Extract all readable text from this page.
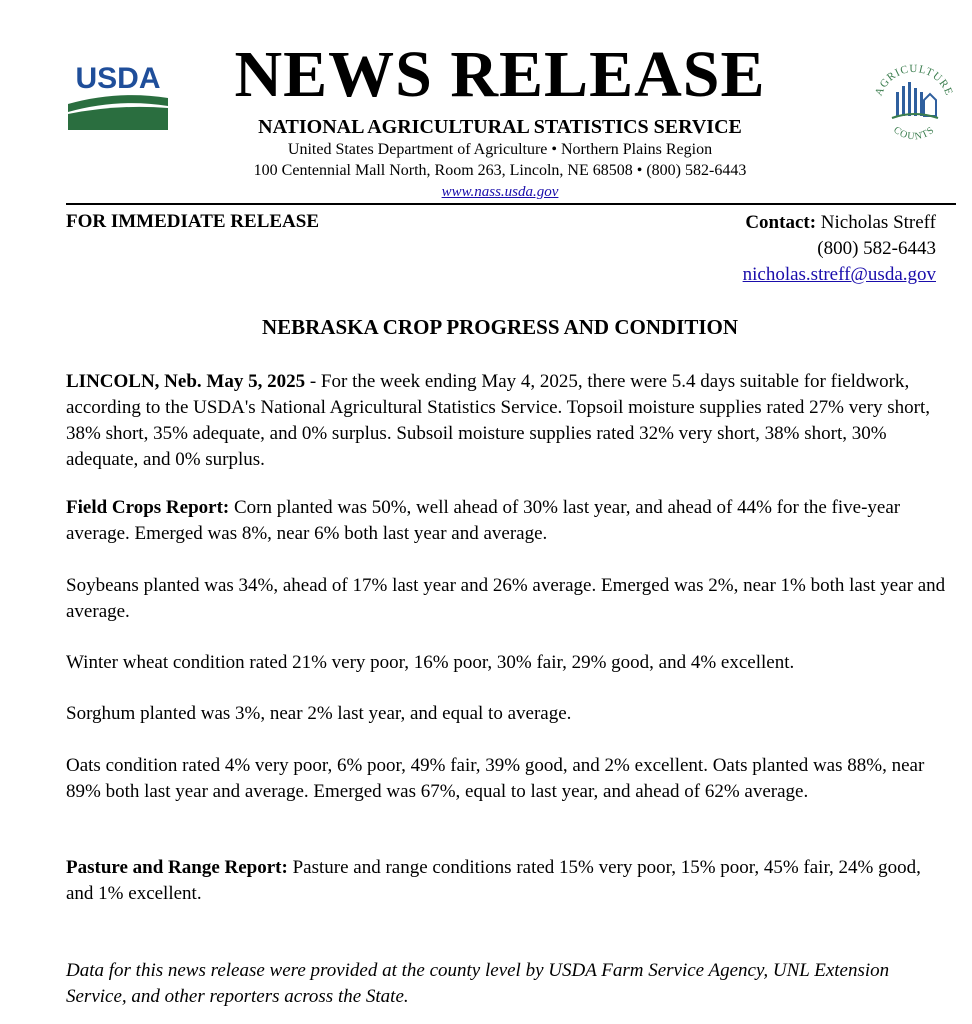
USDA	NEWS RELEASE
NATIONAL AGRICULTURAL STATISTICS SERVICE
United States Department of Agriculture • Northern Plains Region
100 Centennial Mall North, Room 263, Lincoln, NE 68508 • (800) 582-6443
www.nass.usda.gov
AGRICULTURE
COUNTS
FOR IMMEDIATE RELEASE	Contact: Nicholas Streff
(800) 582-6443
nicholas.streff@usda.gov
NEBRASKA CROP PROGRESS AND CONDITION
LINCOLN, Neb. May 5, 2025 - For the week ending May 4, 2025, there were 5.4 days suitable for fieldwork, according to the USDA's National Agricultural Statistics Service. Topsoil moisture supplies rated 27% very short, 38% short, 35% adequate, and 0% surplus. Subsoil moisture supplies rated 32% very short, 38% short, 30% adequate, and 0% surplus.
Field Crops Report: Corn planted was 50%, well ahead of 30% last year, and ahead of 44% for the five-year average. Emerged was 8%, near 6% both last year and average.
Soybeans planted was 34%, ahead of 17% last year and 26% average. Emerged was 2%, near 1% both last year and average.
Winter wheat condition rated 21% very poor, 16% poor, 30% fair, 29% good, and 4% excellent.
Sorghum planted was 3%, near 2% last year, and equal to average.
Oats condition rated 4% very poor, 6% poor, 49% fair, 39% good, and 2% excellent. Oats planted was 88%, near 89% both last year and average. Emerged was 67%, equal to last year, and ahead of 62% average.
Pasture and Range Report: Pasture and range conditions rated 15% very poor, 15% poor, 45% fair, 24% good, and 1% excellent.
Data for this news release were provided at the county level by USDA Farm Service Agency, UNL Extension Service, and other reporters across the State.
